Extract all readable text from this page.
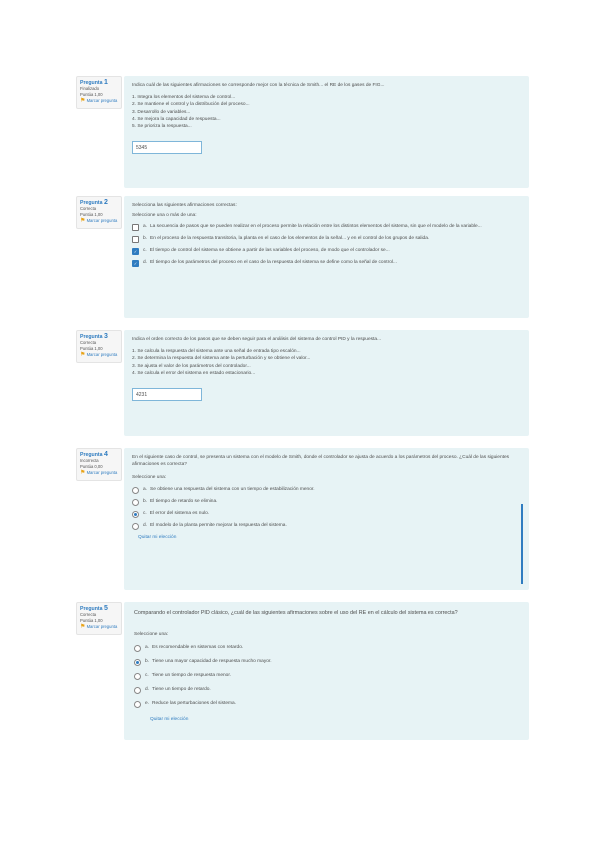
Pregunta 1
Finalizado
Puntúa 1,00
⚑ Marcar pregunta

Indica cuál de las siguientes afirmaciones se corresponde mejor con la técnica de Smith... el RE de los gases de FIG...

1. Integra los elementos del sistema de control...
2. Se mantiene el control y la distribución del proceso...
3. Desarrollo de variables...
4. Se mejora la capacidad de respuesta...
5. Se prioriza la respuesta...
5345
Pregunta 2
Correcta
Puntúa 1,00
⚑ Marcar pregunta

Selecciona las siguientes afirmaciones correctas:

Seleccione una o más de una:

a. La secuencia de pasos que se pueden realizar en el proceso permite la relación entre los distintos elementos del sistema, sin que el modelo de la variable...
b. En el proceso de la respuesta transitoria, la planta en el caso de los elementos de la señal... y en el control de los grupos de salida.
✓	c. El tiempo de control del sistema se obtiene a partir de las variables del proceso, de modo que el controlador se...
✓	d. El tiempo de los parámetros del proceso en el caso de la respuesta del sistema se define como la señal de control...
Pregunta 3
Correcta
Puntúa 1,00
⚑ Marcar pregunta

Indica el orden correcto de los pasos que se deben seguir para el análisis del sistema de control PID y la respuesta...

1. Se calcula la respuesta del sistema ante una señal de entrada tipo escalón...
2. Se determina la respuesta del sistema ante la perturbación y se obtiene el valor...
3. Se ajusta el valor de los parámetros del controlador...
4. Se calcula el error del sistema en estado estacionario...
4231
Pregunta 4
Incorrecta
Puntúa 0,00
⚑ Marcar pregunta

En el siguiente caso de control, se presenta un sistema con el modelo de Smith, donde el controlador se ajusta de acuerdo a los parámetros del proceso. ¿Cuál de las siguientes afirmaciones es correcta?

Seleccione una:

a. Se obtiene una respuesta del sistema con un tiempo de estabilización menor.
b. El tiempo de retardo se elimina.
c. El error del sistema es nulo.
d. El modelo de la planta permite mejorar la respuesta del sistema.
Quitar mi elección
Pregunta 5
Correcta
Puntúa 1,00
⚑ Marcar pregunta

Comparando el controlador PID clásico, ¿cuál de las siguientes afirmaciones sobre el uso del RE en el cálculo del sistema es correcta?

Seleccione una:

a. Es recomendable en sistemas con retardo.
b. Tiene una mayor capacidad de respuesta mucho mayor.
c. Tiene un tiempo de respuesta menor.
d. Tiene un tiempo de retardo.
e. Reduce las perturbaciones del sistema.
Quitar mi elección
